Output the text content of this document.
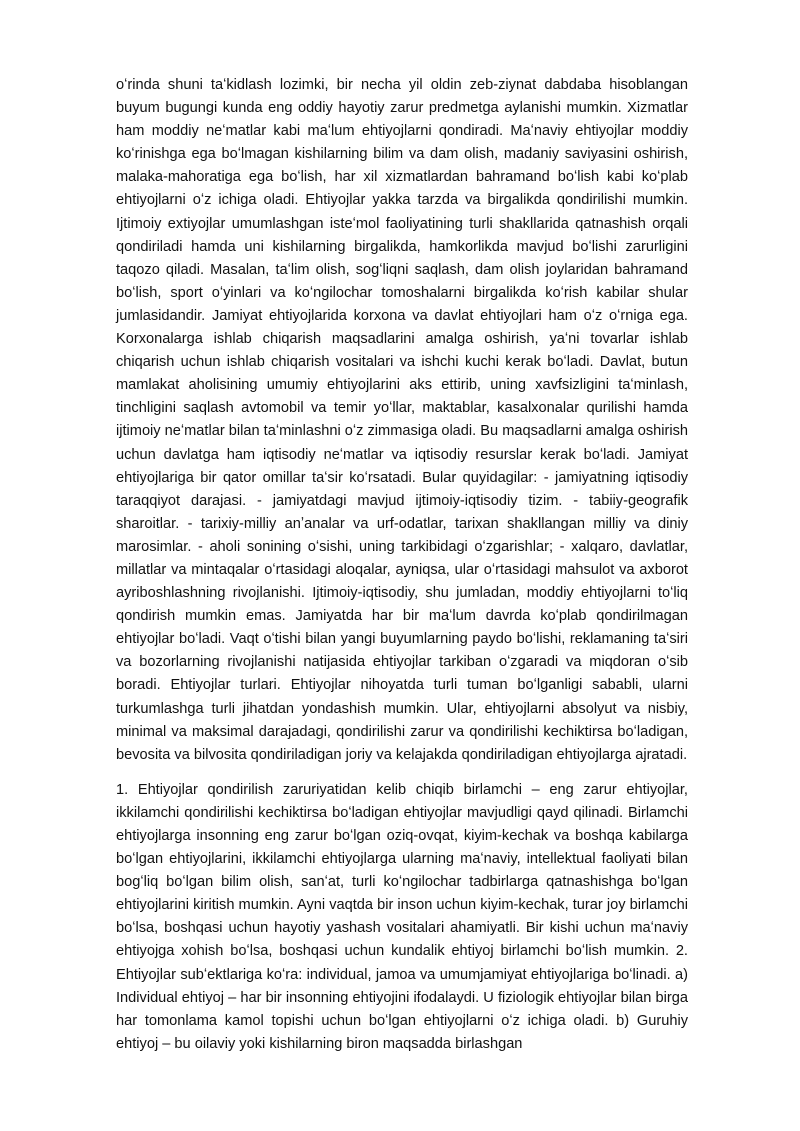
oʻrinda shuni taʻkidlash lozimki, bir necha yil oldin zeb-ziynat dabdaba hisoblangan buyum bugungi kunda eng oddiy hayotiy zarur predmetga aylanishi mumkin. Xizmatlar ham moddiy neʻmatlar kabi maʻlum ehtiyojlarni qondiradi. Maʻnaviy ehtiyojlar moddiy koʻrinishga ega boʻlmagan kishilarning bilim va dam olish, madaniy saviyasini oshirish, malaka-mahoratiga ega boʻlish, har xil xizmatlardan bahramand boʻlish kabi koʻplab ehtiyojlarni oʻz ichiga oladi. Ehtiyojlar yakka tarzda va birgalikda qondirilishi mumkin. Ijtimoiy extiyojlar umumlashgan isteʻmol faoliyatining turli shakllarida qatnashish orqali qondiriladi hamda uni kishilarning birgalikda, hamkorlikda mavjud boʻlishi zarurligini taqozo qiladi. Masalan, taʻlim olish, sogʻliqni saqlash, dam olish joylaridan bahramand boʻlish, sport oʻyinlari va koʻngilochar tomoshalarni birgalikda koʻrish kabilar shular jumlasidandir. Jamiyat ehtiyojlarida korxona va davlat ehtiyojlari ham oʻz oʻrniga ega. Korxonalarga ishlab chiqarish maqsadlarini amalga oshirish, yaʻni tovarlar ishlab chiqarish uchun ishlab chiqarish vositalari va ishchi kuchi kerak boʻladi. Davlat, butun mamlakat aholisining umumiy ehtiyojlarini aks ettirib, uning xavfsizligini taʻminlash, tinchligini saqlash avtomobil va temir yoʻllar, maktablar, kasalxonalar qurilishi hamda ijtimoiy neʻmatlar bilan taʻminlashni oʻz zimmasiga oladi. Bu maqsadlarni amalga oshirish uchun davlatga ham iqtisodiy neʻmatlar va iqtisodiy resurslar kerak boʻladi. Jamiyat ehtiyojlariga bir qator omillar taʻsir koʻrsatadi. Bular quyidagilar: - jamiyatning iqtisodiy taraqqiyot darajasi. - jamiyatdagi mavjud ijtimoiy-iqtisodiy tizim. - tabiiy-geografik sharoitlar. - tarixiy-milliy anʼanalar va urf-odatlar, tarixan shakllangan milliy va diniy marosimlar. - aholi sonining oʻsishi, uning tarkibidagi oʻzgarishlar; - xalqaro, davlatlar, millatlar va mintaqalar oʻrtasidagi aloqalar, ayniqsa, ular oʻrtasidagi mahsulot va axborot ayriboshlashning rivojlanishi. Ijtimoiy-iqtisodiy, shu jumladan, moddiy ehtiyojlarni toʻliq qondirish mumkin emas. Jamiyatda har bir maʻlum davrda koʻplab qondirilmagan ehtiyojlar boʻladi. Vaqt oʻtishi bilan yangi buyumlarning paydo boʻlishi, reklamaning taʻsiri va bozorlarning rivojlanishi natijasida ehtiyojlar tarkiban oʻzgaradi va miqdoran oʻsib boradi. Ehtiyojlar turlari. Ehtiyojlar nihoyatda turli tuman boʻlganligi sababli, ularni turkumlashga turli jihatdan yondashish mumkin. Ular, ehtiyojlarni absolyut va nisbiy, minimal va maksimal darajadagi, qondirilishi zarur va qondirilishi kechiktirsa boʻladigan, bevosita va bilvosita qondiriladigan joriy va kelajakda qondiriladigan ehtiyojlarga ajratadi.

1. Ehtiyojlar qondirilish zaruriyatidan kelib chiqib birlamchi – eng zarur ehtiyojlar, ikkilamchi qondirilishi kechiktirsa boʻladigan ehtiyojlar mavjudligi qayd qilinadi. Birlamchi ehtiyojlarga insonning eng zarur boʻlgan oziq-ovqat, kiyim-kechak va boshqa kabilarga boʻlgan ehtiyojlarini, ikkilamchi ehtiyojlarga ularning maʻnaviy, intellektual faoliyati bilan bogʻliq boʻlgan bilim olish, sanʻat, turli koʻngilochar tadbirlarga qatnashishga boʻlgan ehtiyojlarini kiritish mumkin. Ayni vaqtda bir inson uchun kiyim-kechak, turar joy birlamchi boʻlsa, boshqasi uchun hayotiy yashash vositalari ahamiyatli. Bir kishi uchun maʻnaviy ehtiyojga xohish boʻlsa, boshqasi uchun kundalik ehtiyoj birlamchi boʻlish mumkin. 2. Ehtiyojlar subʻektlariga koʻra: individual, jamoa va umumjamiyat ehtiyojlariga boʻlinadi. a) Individual ehtiyoj – har bir insonning ehtiyojini ifodalaydi. U fiziologik ehtiyojlar bilan birga har tomonlama kamol topishi uchun boʻlgan ehtiyojlarni oʻz ichiga oladi. b) Guruhiy ehtiyoj – bu oilaviy yoki kishilarning biron maqsadda birlashgan
